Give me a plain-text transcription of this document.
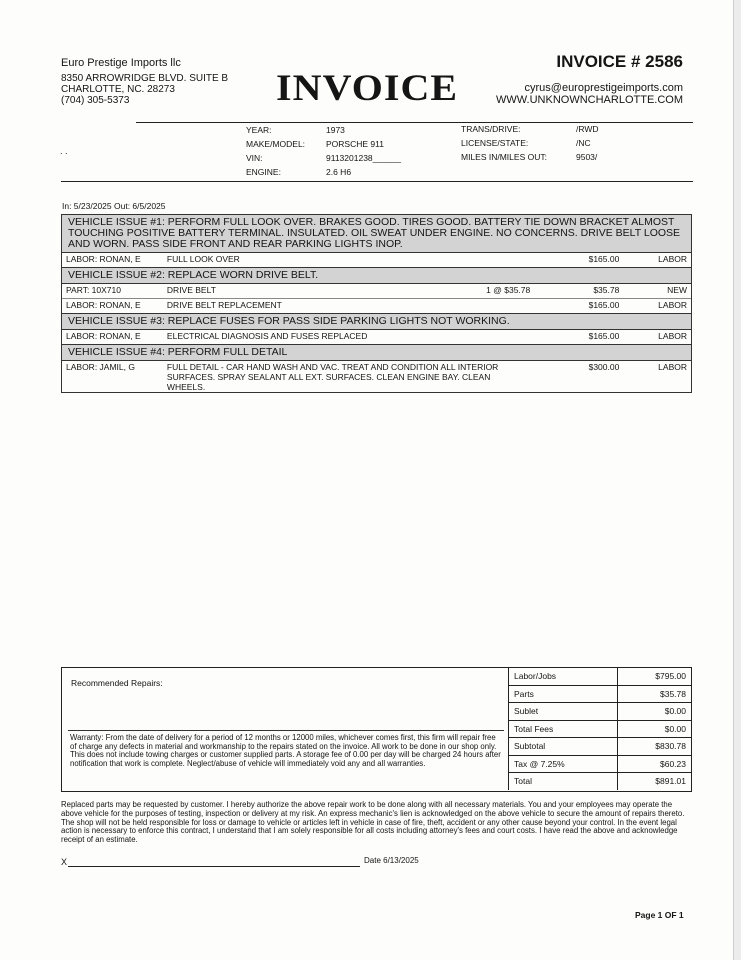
Euro Prestige Imports llc
8350 ARROWRIDGE BLVD. SUITE B
CHARLOTTE, NC. 28273
(704) 305-5373	INVOICE
INVOICE # 2586
cyrus@europrestigeimports.com
WWW.UNKNOWNCHARLOTTE.COM
YEAR:	1973
MAKE/MODEL: PORSCHE 911
VIN:	9113201238______
ENGINE:	2.6 H6
TRANS/DRIVE:	/RWD
LICENSE/STATE:	/NC
MILES IN/MILES OUT:	9503/
. .
In: 5/23/2025 Out: 6/5/2025
VEHICLE ISSUE #1: PERFORM FULL LOOK OVER. BRAKES GOOD. TIRES GOOD. BATTERY TIE DOWN BRACKET ALMOST TOUCHING POSITIVE BATTERY TERMINAL. INSULATED. OIL SWEAT UNDER ENGINE. NO CONCERNS. DRIVE BELT LOOSE AND WORN. PASS SIDE FRONT AND REAR PARKING LIGHTS INOP.				
LABOR: RONAN, E	FULL LOOK OVER		$165.00	LABOR
VEHICLE ISSUE #2: REPLACE WORN DRIVE BELT.				
PART: 10X710	DRIVE BELT	1 @ $35.78	$35.78	NEW
LABOR: RONAN, E	DRIVE BELT REPLACEMENT		$165.00	LABOR
VEHICLE ISSUE #3: REPLACE FUSES FOR PASS SIDE PARKING LIGHTS NOT WORKING.				
LABOR: RONAN, E	ELECTRICAL DIAGNOSIS AND FUSES REPLACED		$165.00	LABOR
VEHICLE ISSUE #4: PERFORM FULL DETAIL				
LABOR: JAMIL, G	FULL DETAIL - CAR HAND WASH AND VAC. TREAT AND CONDITION ALL INTERIOR SURFACES. SPRAY SEALANT ALL EXT. SURFACES. CLEAN ENGINE BAY. CLEAN WHEELS.		$300.00	LABOR
Recommended Repairs:
Warranty: From the date of delivery for a period of 12 months or 12000 miles, whichever comes first, this firm will repair free of charge any defects in material and workmanship to the repairs stated on the invoice. All work to be done in our shop only. This does not include towing charges or customer supplied parts. A storage fee of 0.00 per day will be charged 24 hours after notification that work is complete. Neglect/abuse of vehicle will immediately void any and all warranties.
Labor/Jobs	$795.00
Parts	$35.78
Sublet	$0.00
Total Fees	$0.00
Subtotal	$830.78
Tax @ 7.25%	$60.23
Total	$891.01
Replaced parts may be requested by customer. I hereby authorize the above repair work to be done along with all necessary materials. You and your employees may operate the above vehicle for the purposes of testing, inspection or delivery at my risk. An express mechanic's lien is acknowledged on the above vehicle to secure the amount of repairs thereto. The shop will not be held responsible for loss or damage to vehicle or articles left in vehicle in case of fire, theft, accident or any other cause beyond your control. In the event legal action is necessary to enforce this contract, I understand that I am solely responsible for all costs including attorney's fees and court costs. I have read the above and acknowledge receipt of an estimate.
X	Date 6/13/2025
Page 1 OF 1
